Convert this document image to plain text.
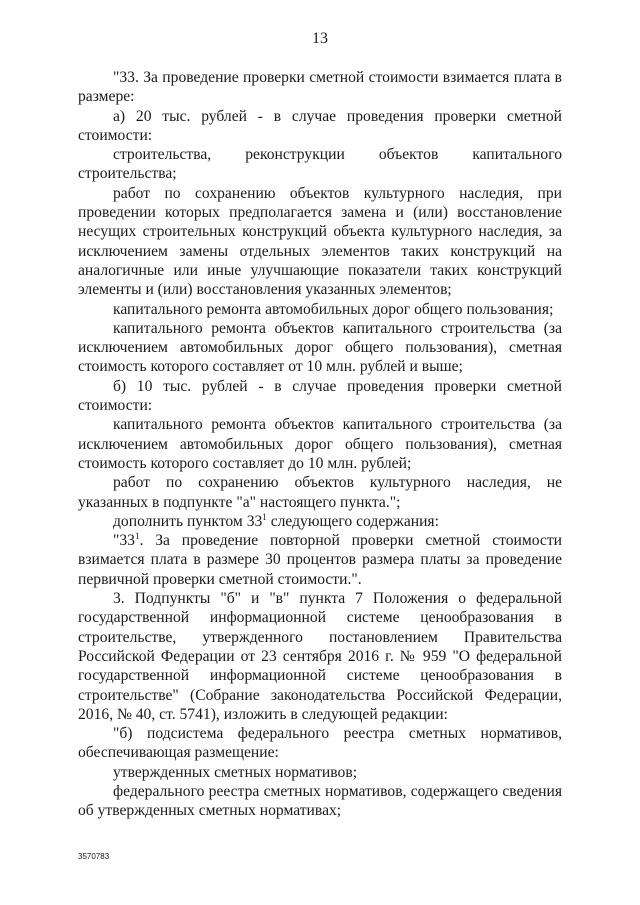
13

"33. За проведение проверки сметной стоимости взимается плата в размере:

а) 20 тыс. рублей - в случае проведения проверки сметной стоимости:

строительства, реконструкции объектов капитального строительства;

работ по сохранению объектов культурного наследия, при проведении которых предполагается замена и (или) восстановление несущих строительных конструкций объекта культурного наследия, за исключением замены отдельных элементов таких конструкций на аналогичные или иные улучшающие показатели таких конструкций элементы и (или) восстановления указанных элементов;

капитального ремонта автомобильных дорог общего пользования;

капитального ремонта объектов капитального строительства (за исключением автомобильных дорог общего пользования), сметная стоимость которого составляет от 10 млн. рублей и выше;

б) 10 тыс. рублей - в случае проведения проверки сметной стоимости:

капитального ремонта объектов капитального строительства (за исключением автомобильных дорог общего пользования), сметная стоимость которого составляет до 10 млн. рублей;

работ по сохранению объектов культурного наследия, не указанных в подпункте "а" настоящего пункта.";

дополнить пунктом $33^1$ следующего содержания:

"$33^1$. За проведение повторной проверки сметной стоимости взимается плата в размере 30 процентов размера платы за проведение первичной проверки сметной стоимости.".

3. Подпункты "б" и "в" пункта 7 Положения о федеральной государственной информационной системе ценообразования в строительстве, утвержденного постановлением Правительства Российской Федерации от 23 сентября 2016 г. № 959 "О федеральной государственной информационной системе ценообразования в строительстве" (Собрание законодательства Российской Федерации, 2016, № 40, ст. 5741), изложить в следующей редакции:

"б) подсистема федерального реестра сметных нормативов, обеспечивающая размещение:

утвержденных сметных нормативов;

федерального реестра сметных нормативов, содержащего сведения об утвержденных сметных нормативах;

3570783
